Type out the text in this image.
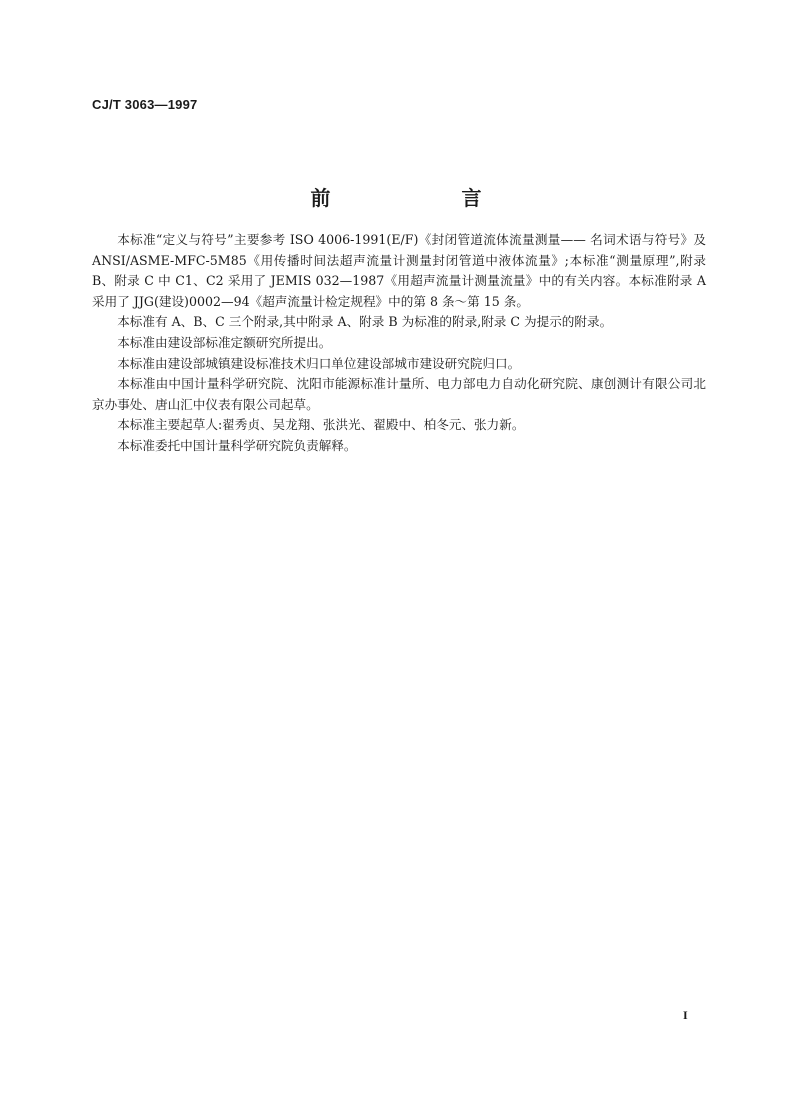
CJ/T 3063—1997
前 言

本标准“定义与符号”主要参考 ISO 4006-1991(E/F)《封闭管道流体流量测量—— 名词术语与符号》及 ANSI/ASME-MFC-5M85《用传播时间法超声流量计测量封闭管道中液体流量》;本标准“测量原理”,附录 B、附录 C 中 C1、C2 采用了 JEMIS 032—1987《用超声流量计测量流量》中的有关内容。本标准附录 A 采用了 JJG(建设)0002—94《超声流量计检定规程》中的第 8 条～第 15 条。

本标准有 A、B、C 三个附录,其中附录 A、附录 B 为标准的附录,附录 C 为提示的附录。

本标准由建设部标准定额研究所提出。

本标准由建设部城镇建设标准技术归口单位建设部城市建设研究院归口。

本标准由中国计量科学研究院、沈阳市能源标准计量所、电力部电力自动化研究院、康创测计有限公司北京办事处、唐山汇中仪表有限公司起草。

本标准主要起草人:翟秀贞、吴龙翔、张洪光、翟殿中、柏冬元、张力新。

本标准委托中国计量科学研究院负责解释。

I
